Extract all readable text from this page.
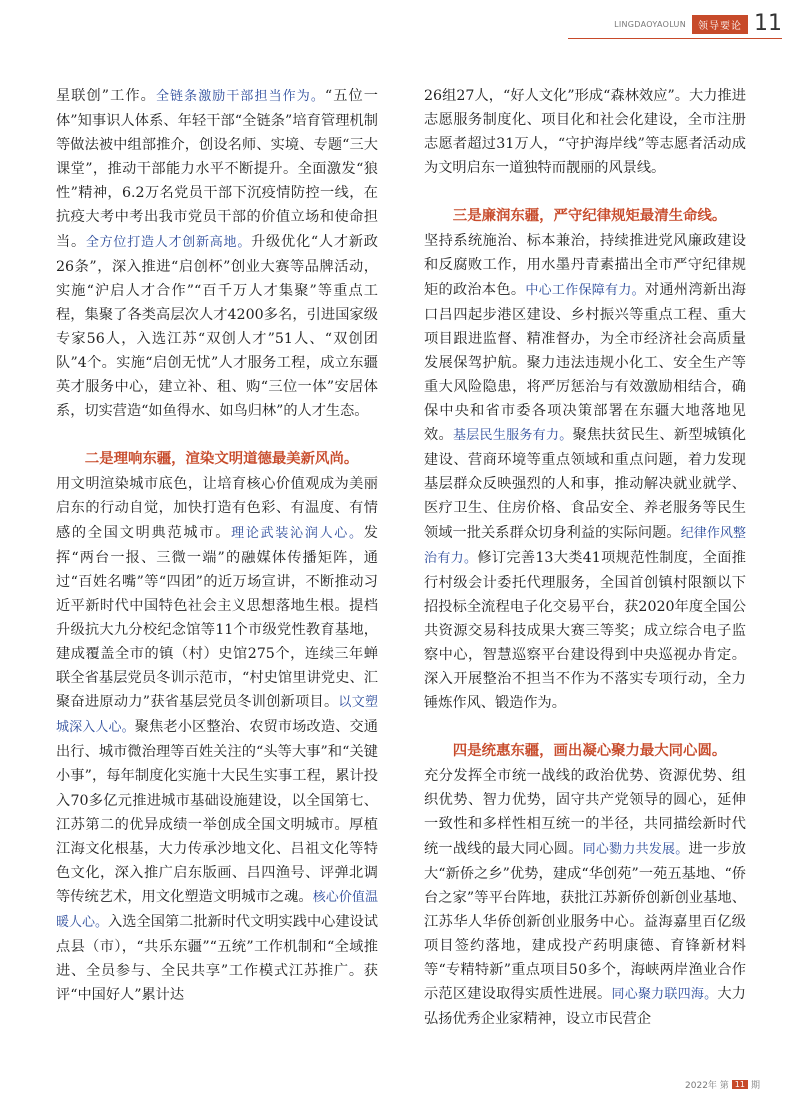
LINGDAOYAOLUN	领导要论 11

星联创”工作。全链条激励干部担当作为。“五位一体”知事识人体系、年轻干部“全链条”培育管理机制等做法被中组部推介，创设名师、实境、专题“三大课堂”，推动干部能力水平不断提升。全面激发“狼性”精神，6.2万名党员干部下沉疫情防控一线，在抗疫大考中考出我市党员干部的价值立场和使命担当。全方位打造人才创新高地。升级优化“人才新政26条”，深入推进“启创杯”创业大赛等品牌活动，实施“沪启人才合作”“百千万人才集聚”等重点工程，集聚了各类高层次人才4200多名，引进国家级专家56人，入选江苏“双创人才”51人、“双创团队”4个。实施“启创无忧”人才服务工程，成立东疆英才服务中心，建立补、租、购“三位一体”安居体系，切实营造“如鱼得水、如鸟归林”的人才生态。

二是理响东疆，渲染文明道德最美新风尚。

用文明渲染城市底色，让培育核心价值观成为美丽启东的行动自觉，加快打造有色彩、有温度、有情感的全国文明典范城市。理论武装沁润人心。发挥“两台一报、三微一端”的融媒体传播矩阵，通过“百姓名嘴”等“四团”的近万场宣讲，不断推动习近平新时代中国特色社会主义思想落地生根。提档升级抗大九分校纪念馆等11个市级党性教育基地，建成覆盖全市的镇（村）史馆275个，连续三年蝉联全省基层党员冬训示范市，“村史馆里讲党史、汇聚奋进原动力”获省基层党员冬训创新项目。以文塑城深入人心。聚焦老小区整治、农贸市场改造、交通出行、城市微治理等百姓关注的“头等大事”和“关键小事”，每年制度化实施十大民生实事工程，累计投入70多亿元推进城市基础设施建设，以全国第七、江苏第二的优异成绩一举创成全国文明城市。厚植江海文化根基，大力传承沙地文化、吕祖文化等特色文化，深入推广启东版画、吕四渔号、评弹北调等传统艺术，用文化塑造文明城市之魂。核心价值温暖人心。入选全国第二批新时代文明实践中心建设试点县（市），“共乐东疆”“五统”工作机制和“全域推进、全员参与、全民共享”工作模式江苏推广。获评“中国好人”累计达

26组27人，“好人文化”形成“森林效应”。大力推进志愿服务制度化、项目化和社会化建设，全市注册志愿者超过31万人，“守护海岸线”等志愿者活动成为文明启东一道独特而靓丽的风景线。

三是廉润东疆，严守纪律规矩最清生命线。

坚持系统施治、标本兼治，持续推进党风廉政建设和反腐败工作，用水墨丹青素描出全市严守纪律规矩的政治本色。中心工作保障有力。对通州湾新出海口吕四起步港区建设、乡村振兴等重点工程、重大项目跟进监督、精准督办，为全市经济社会高质量发展保驾护航。聚力违法违规小化工、安全生产等重大风险隐患，将严厉惩治与有效激励相结合，确保中央和省市委各项决策部署在东疆大地落地见效。基层民生服务有力。聚焦扶贫民生、新型城镇化建设、营商环境等重点领域和重点问题，着力发现基层群众反映强烈的人和事，推动解决就业就学、医疗卫生、住房价格、食品安全、养老服务等民生领域一批关系群众切身利益的实际问题。纪律作风整治有力。修订完善13大类41项规范性制度，全面推行村级会计委托代理服务，全国首创镇村限额以下招投标全流程电子化交易平台，获2020年度全国公共资源交易科技成果大赛三等奖；成立综合电子监察中心，智慧巡察平台建设得到中央巡视办肯定。深入开展整治不担当不作为不落实专项行动，全力锤炼作风、锻造作为。

四是统惠东疆，画出凝心聚力最大同心圆。

充分发挥全市统一战线的政治优势、资源优势、组织优势、智力优势，固守共产党领导的圆心，延伸一致性和多样性相互统一的半径，共同描绘新时代统一战线的最大同心圆。同心勠力共发展。进一步放大“新侨之乡”优势，建成“华创苑”一苑五基地、“侨台之家”等平台阵地，获批江苏新侨创新创业基地、江苏华人华侨创新创业服务中心。益海嘉里百亿级项目签约落地，建成投产药明康德、育锋新材料等“专精特新”重点项目50多个，海峡两岸渔业合作示范区建设取得实质性进展。同心聚力联四海。大力弘扬优秀企业家精神，设立市民营企

2022年 第 11 期
